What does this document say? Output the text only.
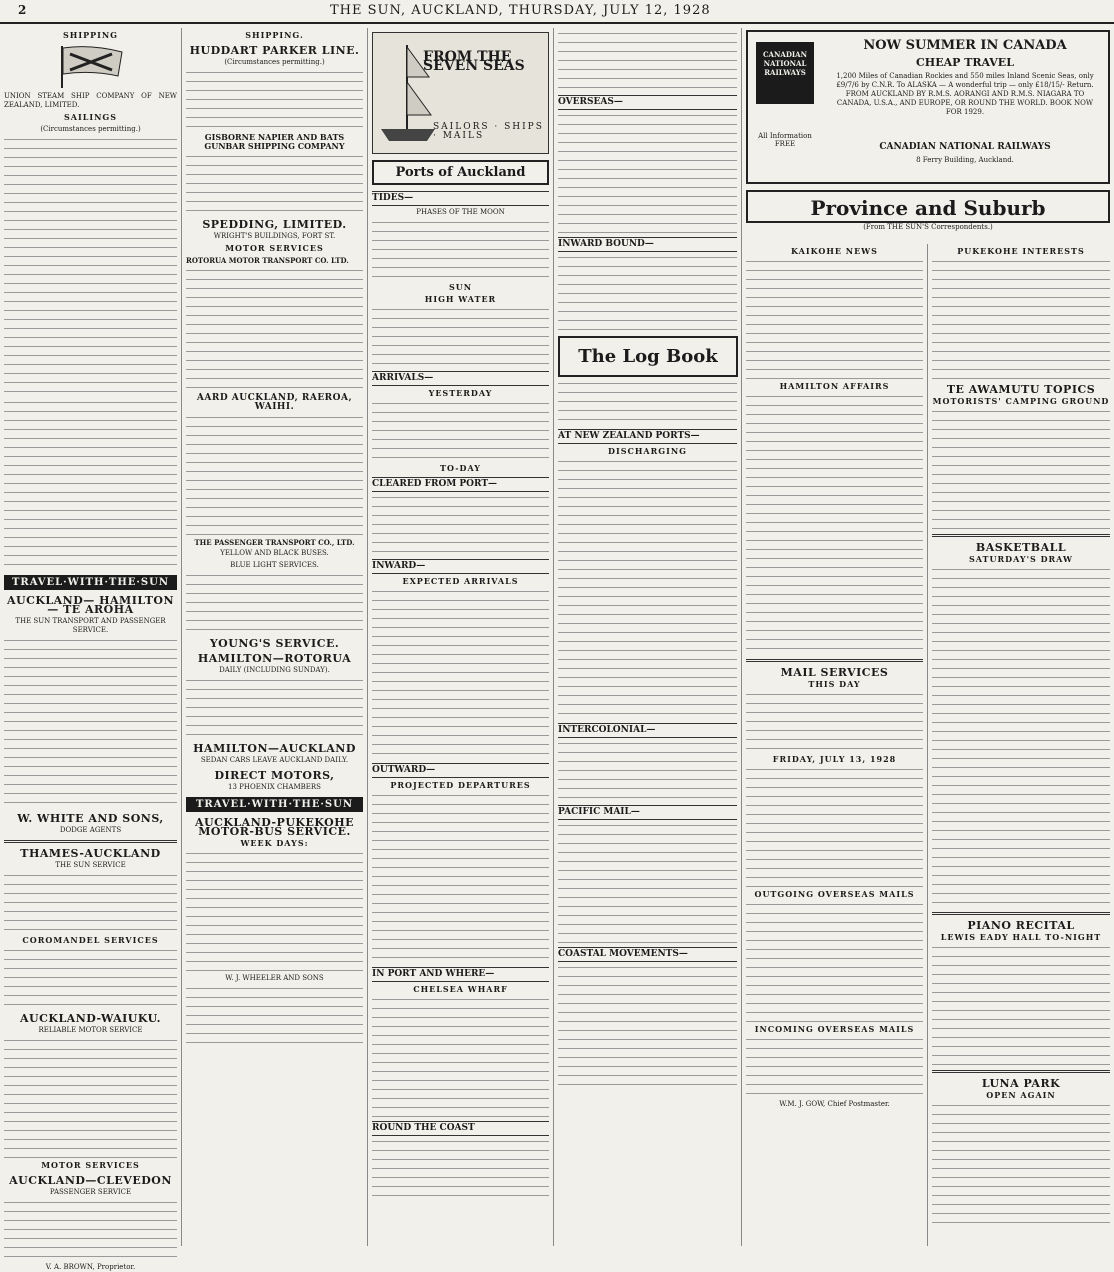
2	THE SUN, AUCKLAND, THURSDAY, JULY 12, 1928
SHIPPING
UNION STEAM SHIP COMPANY OF NEW ZEALAND, LIMITED.
SAILINGS
(Circumstances permitting.)
TRAVEL·WITH·THE·SUN
AUCKLAND— HAMILTON— TE AROHA
THE SUN TRANSPORT AND PASSENGER SERVICE.
W. WHITE AND SONS,
DODGE AGENTS
THAMES-AUCKLAND
THE SUN SERVICE
COROMANDEL SERVICES
AUCKLAND-WAIUKU.
RELIABLE MOTOR SERVICE
MOTOR SERVICES
AUCKLAND—CLEVEDON
PASSENGER SERVICE
V. A. BROWN, Proprietor.
SHIPPING.
HUDDART PARKER LINE.
(Circumstances permitting.)
GISBORNE NAPIER AND BATS GUNBAR SHIPPING COMPANY
SPEDDING, LIMITED.
WRIGHT'S BUILDINGS, FORT ST.
MOTOR SERVICES
ROTORUA MOTOR TRANSPORT CO. LTD.
AARD AUCKLAND, RAEROA, WAIHI.
THE PASSENGER TRANSPORT CO., LTD.
YELLOW AND BLACK BUSES.
BLUE LIGHT SERVICES.
YOUNG'S SERVICE.
HAMILTON—ROTORUA
DAILY (INCLUDING SUNDAY).
HAMILTON—AUCKLAND
SEDAN CARS LEAVE AUCKLAND DAILY.
DIRECT MOTORS,
13 PHOENIX CHAMBERS
TRAVEL·WITH·THE·SUN
AUCKLAND-PUKEKOHE MOTOR-BUS SERVICE.
WEEK DAYS:
W. J. WHEELER AND SONS
FROM THE SEVEN SEAS
SAILORS · SHIPS · MAILS
Ports of Auckland
TIDES—
PHASES OF THE MOON
SUN
HIGH WATER
ARRIVALS—
YESTERDAY
TO-DAY
CLEARED FROM PORT—
INWARD—
EXPECTED ARRIVALS
OUTWARD—
PROJECTED DEPARTURES
IN PORT AND WHERE—
CHELSEA WHARF
ROUND THE COAST
OVERSEAS—
INWARD BOUND—
AT NEW ZEALAND PORTS—
DISCHARGING
INTERCOLONIAL—
PACIFIC MAIL—
COASTAL MOVEMENTS—
CANADIAN NATIONAL RAILWAYS
NOW SUMMER IN CANADA
CHEAP TRAVEL
1,200 Miles of Canadian Rockies and 550 miles Inland Scenic Seas, only £9/7/6 by C.N.R. To ALASKA — A wonderful trip — only £18/15/- Return. FROM AUCKLAND BY R.M.S. AORANGI AND R.M.S. NIAGARA TO CANADA, U.S.A., AND EUROPE, OR ROUND THE WORLD. BOOK NOW FOR 1929.
All Information FREE	CANADIAN NATIONAL RAILWAYS
8 Ferry Building, Auckland.
Province and Suburb
(From THE SUN'S Correspondents.)
The Log Book
KAIKOHE NEWS
HAMILTON AFFAIRS
MAIL SERVICES
THIS DAY
FRIDAY, JULY 13, 1928
OUTGOING OVERSEAS MAILS
INCOMING OVERSEAS MAILS
W.M. J. GOW, Chief Postmaster.
PUKEKOHE INTERESTS
TE AWAMUTU TOPICS
MOTORISTS' CAMPING GROUND
BASKETBALL
SATURDAY'S DRAW
PIANO RECITAL
LEWIS EADY HALL TO-NIGHT
LUNA PARK
OPEN AGAIN
